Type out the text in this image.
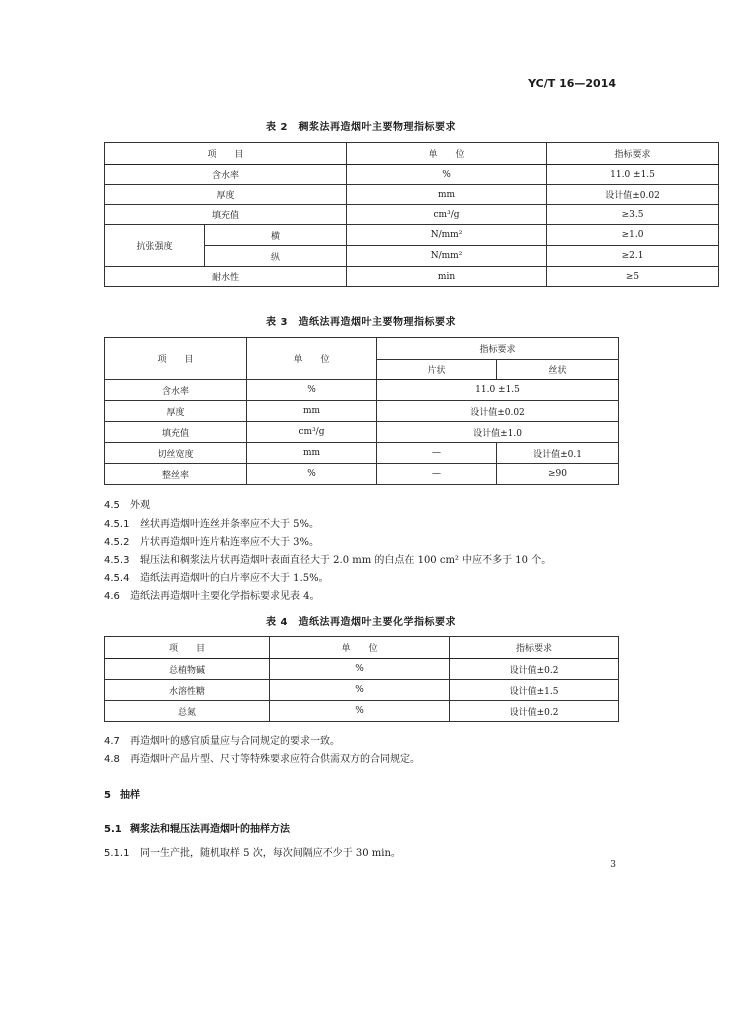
YC/T 16—2014
表 2　稠浆法再造烟叶主要物理指标要求
项　　目		单　　位	指标要求
含水率		%	11.0 ±1.5
厚度		mm	设计值±0.02
填充值		cm³/g	≥3.5
抗张强度	横	N/mm²	≥1.0
	纵	N/mm²	≥2.1
耐水性		min	≥5
表 3　造纸法再造烟叶主要物理指标要求
项　　目	单　　位	指标要求	
		片状	丝状
含水率	%	11.0 ±1.5	
厚度	mm	设计值±0.02	
填充值	cm³/g	设计值±1.0	
切丝宽度	mm	—	设计值±0.1
整丝率	%	—	≥90
4.5 外观
4.5.1 丝状再造烟叶连丝并条率应不大于 5%。
4.5.2 片状再造烟叶连片粘连率应不大于 3%。
4.5.3 辊压法和稠浆法片状再造烟叶表面直径大于 2.0 mm 的白点在 100 cm² 中应不多于 10 个。
4.5.4 造纸法再造烟叶的白片率应不大于 1.5%。
4.6 造纸法再造烟叶主要化学指标要求见表 4。
表 4　造纸法再造烟叶主要化学指标要求
项　　目	单　　位	指标要求
总植物碱	%	设计值±0.2
水溶性糖	%	设计值±1.5
总氮	%	设计值±0.2
4.7 再造烟叶的感官质量应与合同规定的要求一致。
4.8 再造烟叶产品片型、尺寸等特殊要求应符合供需双方的合同规定。
5 抽样
5.1 稠浆法和辊压法再造烟叶的抽样方法
5.1.1 同一生产批，随机取样 5 次，每次间隔应不少于 30 min。
3
